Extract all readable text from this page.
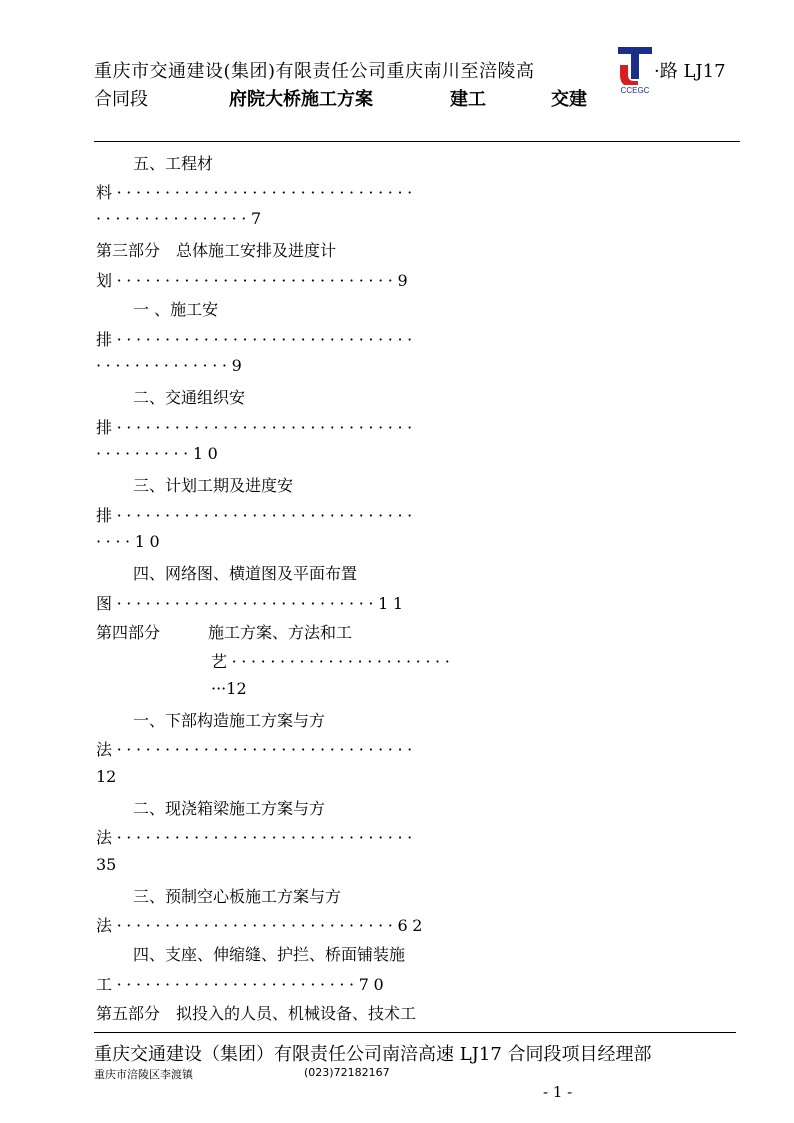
重庆市交通建设(集团)有限责任公司重庆南川至涪陵高	·路 LJ17
合同段	府院大桥施工方案	建工	交建	CCEGC
五、工程材
料·······························
················7
第三部分　总体施工安排及进度计
划·····························9
一 、施工安
排·······························
··············9
二、交通组织安
排·······························
··········10
三、计划工期及进度安
排·······························
····10
四、网络图、横道图及平面布置
图···························11
第四部分　　　施工方案、方法和工
艺·······················
···12
一、下部构造施工方案与方
法·······························
12
二、现浇箱梁施工方案与方
法·······························
35
三、预制空心板施工方案与方
法·····························62
四、支座、伸缩缝、护拦、桥面铺装施
工·························70
第五部分　拟投入的人员、机械设备、技术工
重庆交通建设（集团）有限责任公司南涪高速 LJ17 合同段项目经理部
重庆市涪陵区李渡镇	(023)72182167
- 1 -
